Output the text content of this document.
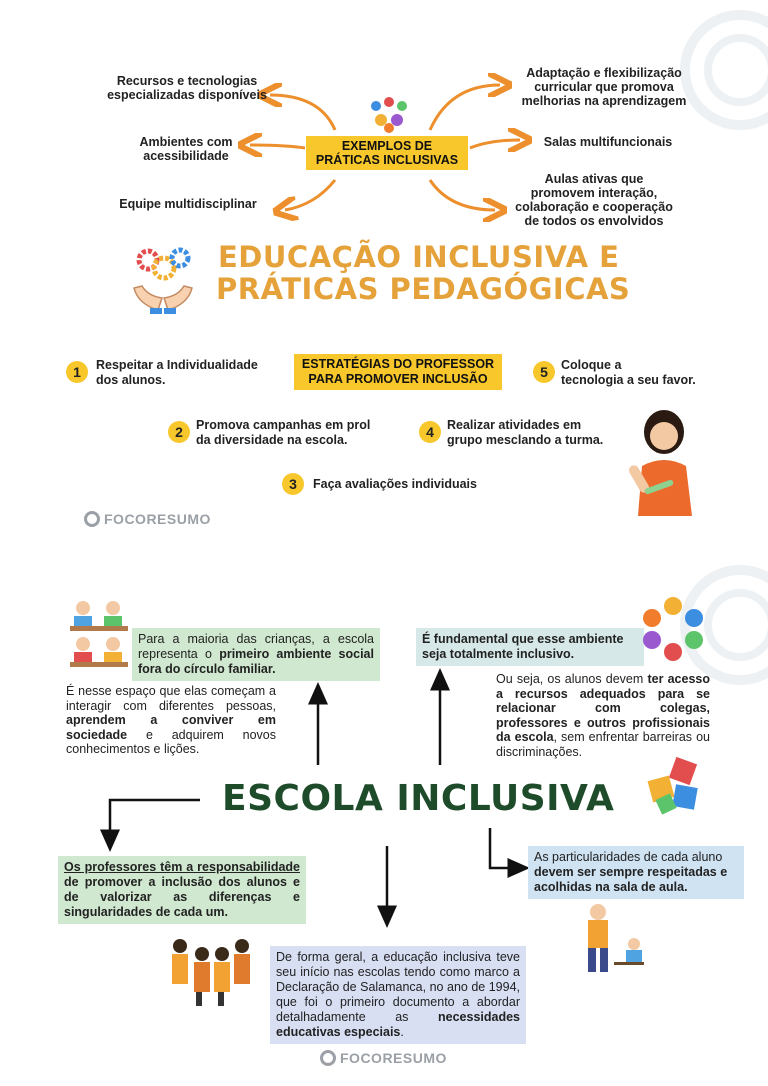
EXEMPLOS DE
PRÁTICAS INCLUSIVAS
Recursos e tecnologias
especializadas disponíveis
Ambientes com
acessibilidade
Equipe multidisciplinar
Adaptação e flexibilização
curricular que promova
melhorias na aprendizagem
Salas multifuncionais
Aulas ativas que
promovem interação,
colaboração e cooperação
de todos os envolvidos
EDUCAÇÃO INCLUSIVA E
PRÁTICAS PEDAGÓGICAS
ESTRATÉGIAS DO PROFESSOR
PARA PROMOVER INCLUSÃO
1	Respeitar a Individualidade
dos alunos.
2	Promova campanhas em prol
da diversidade na escola.
3	Faça avaliações individuais
4	Realizar atividades em
grupo mesclando a turma.
5	Coloque a
tecnologia a seu favor.
FOCORESUMO
Para a maioria das crianças, a escola representa o primeiro ambiente social fora do círculo familiar.
É nesse espaço que elas começam a interagir com diferentes pessoas, aprendem a conviver em sociedade e adquirem novos conhecimentos e lições.
É fundamental que esse ambiente seja totalmente inclusivo.
Ou seja, os alunos devem ter acesso a recursos adequados para se relacionar com colegas, professores e outros profissionais da escola, sem enfrentar barreiras ou discriminações.
ESCOLA INCLUSIVA
Os professores têm a responsabilidade de promover a inclusão dos alunos e de valorizar as diferenças e singularidades de cada um.
As particularidades de cada aluno devem ser sempre respeitadas e acolhidas na sala de aula.
De forma geral, a educação inclusiva teve seu início nas escolas tendo como marco a Declaração de Salamanca, no ano de 1994, que foi o primeiro documento a abordar detalhadamente as necessidades educativas especiais.
FOCORESUMO
